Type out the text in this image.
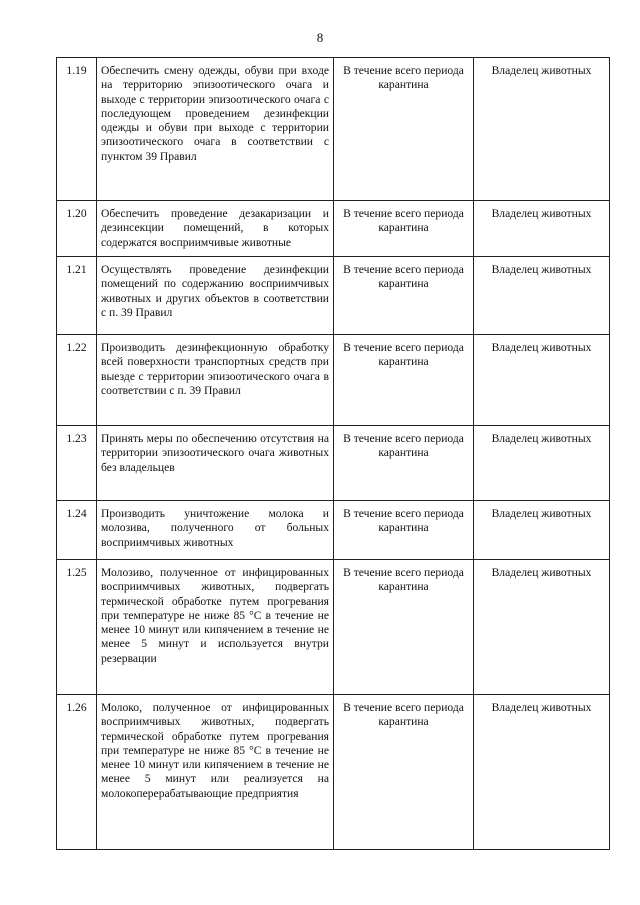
8
1.19	Обеспечить смену одежды, обуви при входе на территорию эпизоотического очага и выходе с территории эпизоотического очага с последующем проведением дезинфекции одежды и обуви при выходе с территории эпизоотического очага в соответствии с пунктом 39 Правил	В течение всего периода карантина	Владелец животных
1.20	Обеспечить проведение дезакаризации и дезинсекции помещений, в которых содержатся восприимчивые животные	В течение всего периода карантина	Владелец животных
1.21	Осуществлять проведение дезинфекции помещений по содержанию восприимчивых животных и других объектов в соответствии с п. 39 Правил	В течение всего периода карантина	Владелец животных
1.22	Производить дезинфекционную обработку всей поверхности транспортных средств при выезде с территории эпизоотического очага в соответствии с п. 39 Правил	В течение всего периода карантина	Владелец животных
1.23	Принять меры по обеспечению отсутствия на территории эпизоотического очага животных без владельцев	В течение всего периода карантина	Владелец животных
1.24	Производить уничтожение молока и молозива, полученного от больных восприимчивых животных	В течение всего периода карантина	Владелец животных
1.25	Молозиво, полученное от инфицированных восприимчивых животных, подвергать термической обработке путем прогревания при температуре не ниже 85 °C в течение не менее 10 минут или кипячением в течение не менее 5 минут и используется внутри резервации	В течение всего периода карантина	Владелец животных
1.26	Молоко, полученное от инфицированных восприимчивых животных, подвергать термической обработке путем прогревания при температуре не ниже 85 °C в течение не менее 10 минут или кипячением в течение не менее 5 минут или реализуется на молокоперерабатывающие предприятия	В течение всего периода карантина	Владелец животных
